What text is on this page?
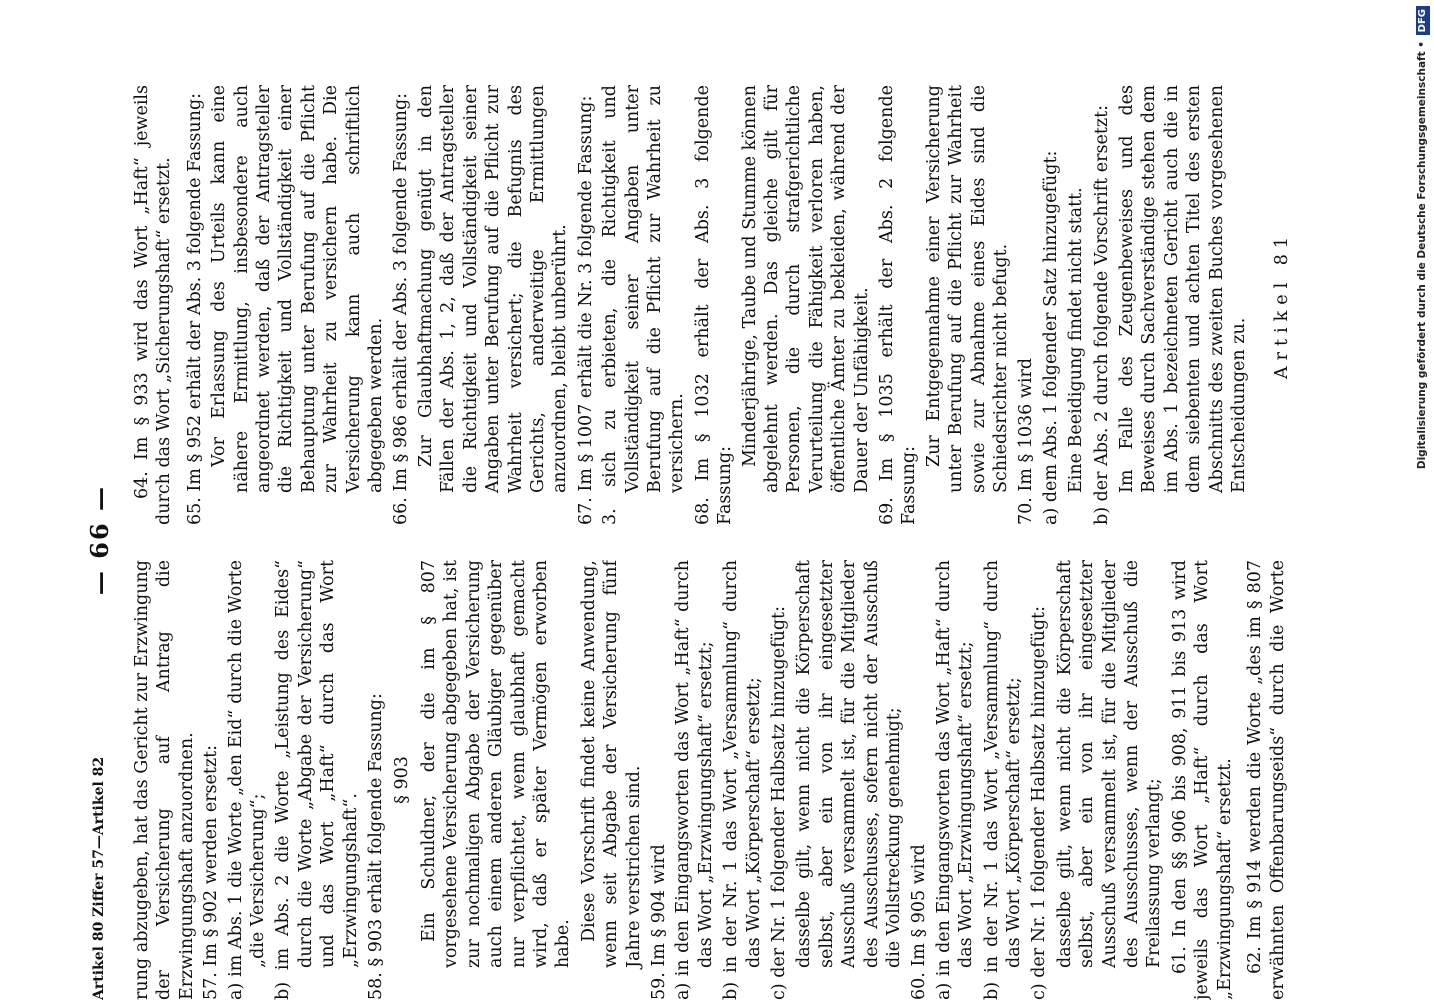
Artikel 80 Ziffer 57—Artikel 82
— 66 —

rung abzugeben, hat das Gericht zur Erzwingung der Versicherung auf Antrag die Erzwingungshaft anzuordnen. 57. Im § 902 werden ersetzt: a) im Abs. 1 die Worte „den Eid“ durch die Worte „die Versicherung“; b) im Abs. 2 die Worte „Leistung des Eides“ durch die Worte „Abgabe der Versicherung“ und das Wort „Haft“ durch das Wort „Erzwingungshaft“. 58. § 903 erhält folgende Fassung: § 903 Ein Schuldner, der die im § 807 vorgesehene Versicherung abgegeben hat, ist zur nochmaligen Abgabe der Versicherung auch einem anderen Gläubiger gegenüber nur verpflichtet, wenn glaubhaft gemacht wird, daß er später Vermögen erworben habe.

Diese Vorschrift findet keine Anwendung, wenn seit Abgabe der Versicherung fünf Jahre verstrichen sind. 59. Im § 904 wird a) in den Eingangsworten das Wort „Haft“ durch das Wort „Erzwingungshaft“ ersetzt; b) in der Nr. 1 das Wort „Versammlung“ durch das Wort „Körperschaft“ ersetzt; c) der Nr. 1 folgender Halbsatz hinzugefügt: dasselbe gilt, wenn nicht die Körperschaft selbst, aber ein von ihr eingesetzter Ausschuß versammelt ist, für die Mitglieder des Ausschusses, sofern nicht der Ausschuß die Vollstreckung genehmigt; 60. Im § 905 wird a) in den Eingangsworten das Wort „Haft“ durch das Wort „Erzwingungshaft“ ersetzt; b) in der Nr. 1 das Wort „Versammlung“ durch das Wort „Körperschaft“ ersetzt; c) der Nr. 1 folgender Halbsatz hinzugefügt: dasselbe gilt, wenn nicht die Körperschaft selbst, aber ein von ihr eingesetzter Ausschuß versammelt ist, für die Mitglieder des Ausschusses, wenn der Ausschuß die Freilassung verlangt; 61. In den §§ 906 bis 908, 911 bis 913 wird jeweils das Wort „Haft“ durch das Wort „Erzwingungshaft“ ersetzt. 62. Im § 914 werden die Worte „des im § 807 erwähnten Offenbarungseids“ durch die Worte

64. Im § 933 wird das Wort „Haft“ jeweils durch das Wort „Sicherungshaft“ ersetzt. 65. Im § 952 erhält der Abs. 3 folgende Fassung: Vor Erlassung des Urteils kann eine nähere Ermittlung, insbesondere auch angeordnet werden, daß der Antragsteller die Richtigkeit und Vollständigkeit einer Behauptung unter Berufung auf die Pflicht zur Wahrheit zu versichern habe. Die Versicherung kann auch schriftlich abgegeben werden. 66. Im § 986 erhält der Abs. 3 folgende Fassung: Zur Glaubhaftmachung genügt in den Fällen der Abs. 1, 2, daß der Antragsteller die Richtigkeit und Vollständigkeit seiner Angaben unter Berufung auf die Pflicht zur Wahrheit versichert; die Befugnis des Gerichts, anderweitige Ermittlungen anzuordnen, bleibt unberührt. 67. Im § 1007 erhält die Nr. 3 folgende Fassung: 3. sich zu erbieten, die Richtigkeit und Vollständigkeit seiner Angaben unter Berufung auf die Pflicht zur Wahrheit zu versichern. 68. Im § 1032 erhält der Abs. 3 folgende Fassung:

Minderjährige, Taube und Stumme können abgelehnt werden. Das gleiche gilt für Personen, die durch strafgerichtliche Verurteilung die Fähigkeit verloren haben, öffentliche Ämter zu bekleiden, während der Dauer der Unfähigkeit. 69. Im § 1035 erhält der Abs. 2 folgende Fassung:

Zur Entgegennahme einer Versicherung unter Berufung auf die Pflicht zur Wahrheit sowie zur Abnahme eines Eides sind die Schiedsrichter nicht befugt. 70. Im § 1036 wird a) dem Abs. 1 folgender Satz hinzugefügt: Eine Beeidigung findet nicht statt. b) der Abs. 2 durch folgende Vorschrift ersetzt: Im Falle des Zeugenbeweises und des Beweises durch Sachverständige stehen dem im Abs. 1 bezeichneten Gericht auch die in dem siebenten und achten Titel des ersten Abschnitts des zweiten Buches vorgesehenen Entscheidungen zu.

Artikel 81	Digitalisierung gefördert durch die Deutsche Forschungsgemeinschaft • DFG
